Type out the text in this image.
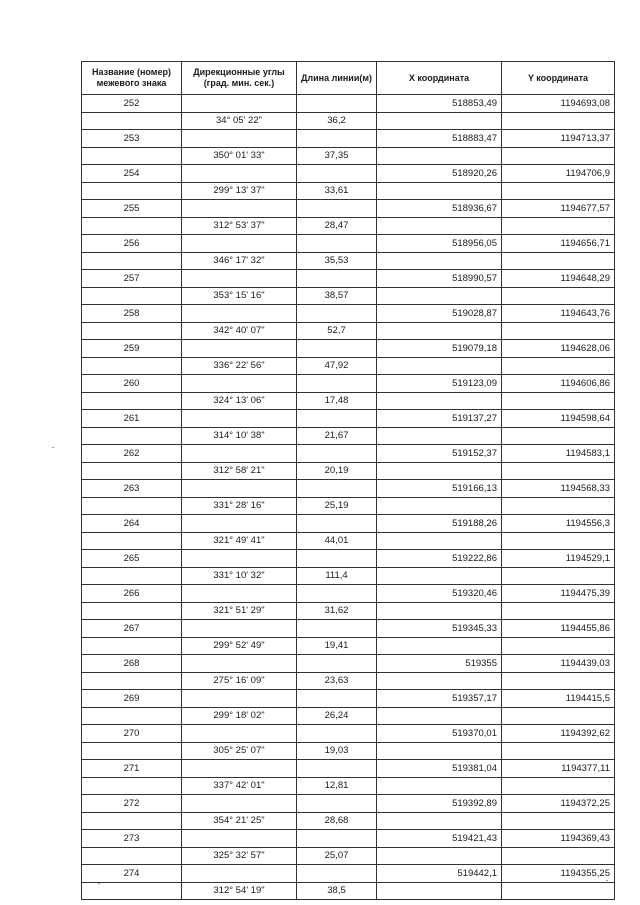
Название (номер) межевого знака	Дирекционные углы (град. мин. сек.)	Длина линии(м)	X координата	Y координата
252			518853,49	1194693,08
	34° 05' 22"	36,2		
253			518883,47	1194713,37
	350° 01' 33"	37,35		
254			518920,26	1194706,9
	299° 13' 37"	33,61		
255			518936,67	1194677,57
	312° 53' 37"	28,47		
256			518956,05	1194656,71
	346° 17' 32"	35,53		
257			518990,57	1194648,29
	353° 15' 16"	38,57		
258			519028,87	1194643,76
	342° 40' 07"	52,7		
259			519079,18	1194628,06
	336° 22' 56"	47,92		
260			519123,09	1194606,86
	324° 13' 06"	17,48		
261			519137,27	1194598,64
	314° 10' 38"	21,67		
262			519152,37	1194583,1
	312° 58' 21"	20,19		
263			519166,13	1194568,33
	331° 28' 16"	25,19		
264			519188,26	1194556,3
	321° 49' 41"	44,01		
265			519222,86	1194529,1
	331° 10' 32"	111,4		
266			519320,46	1194475,39
	321° 51' 29"	31,62		
267			519345,33	1194455,86
	299° 52' 49"	19,41		
268			519355	1194439,03
	275° 16' 09"	23,63		
269			519357,17	1194415,5
	299° 18' 02"	26,24		
270			519370,01	1194392,62
	305° 25' 07"	19,03		
271			519381,04	1194377,11
	337° 42' 01"	12,81		
272			519392,89	1194372,25
	354° 21' 25"	28,68		
273			519421,43	1194369,43
	325° 32' 57"	25,07		
274			519442,1	1194355,25
	312° 54' 19"	38,5		
